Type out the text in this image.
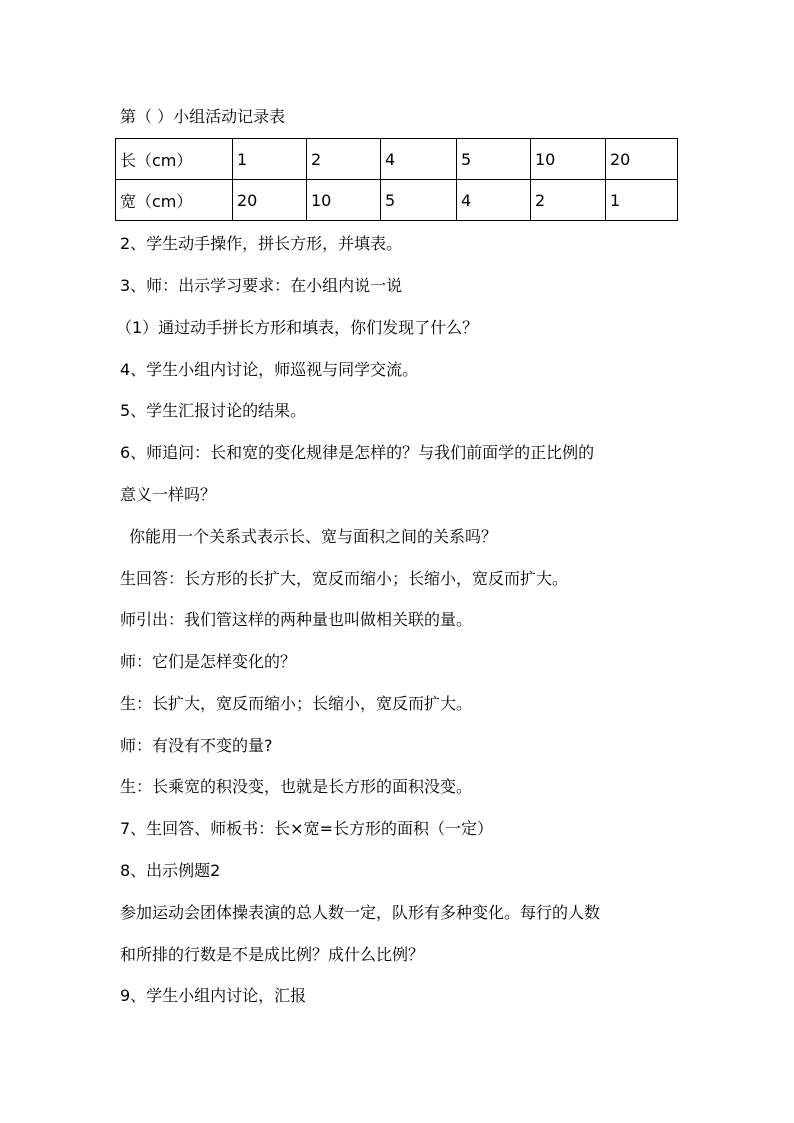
第（ ）小组活动记录表
长（cm）	1	2	4	5	10	20
宽（cm）	20	10	5	4	2	1
2、学生动手操作，拼长方形，并填表。
3、师：出示学习要求：在小组内说一说
（1）通过动手拼长方形和填表，你们发现了什么？
4、学生小组内讨论，师巡视与同学交流。
5、学生汇报讨论的结果。
6、师追问：长和宽的变化规律是怎样的？与我们前面学的正比例的
意义一样吗？
你能用一个关系式表示长、宽与面积之间的关系吗？
生回答：长方形的长扩大，宽反而缩小；长缩小，宽反而扩大。
师引出：我们管这样的两种量也叫做相关联的量。
师：它们是怎样变化的？
生：长扩大，宽反而缩小；长缩小，宽反而扩大。
师：有没有不变的量?
生：长乘宽的积没变，也就是长方形的面积没变。
7、生回答、师板书：长×宽=长方形的面积（一定）
8、出示例题2
参加运动会团体操表演的总人数一定，队形有多种变化。每行的人数
和所排的行数是不是成比例？成什么比例？
9、学生小组内讨论，汇报
